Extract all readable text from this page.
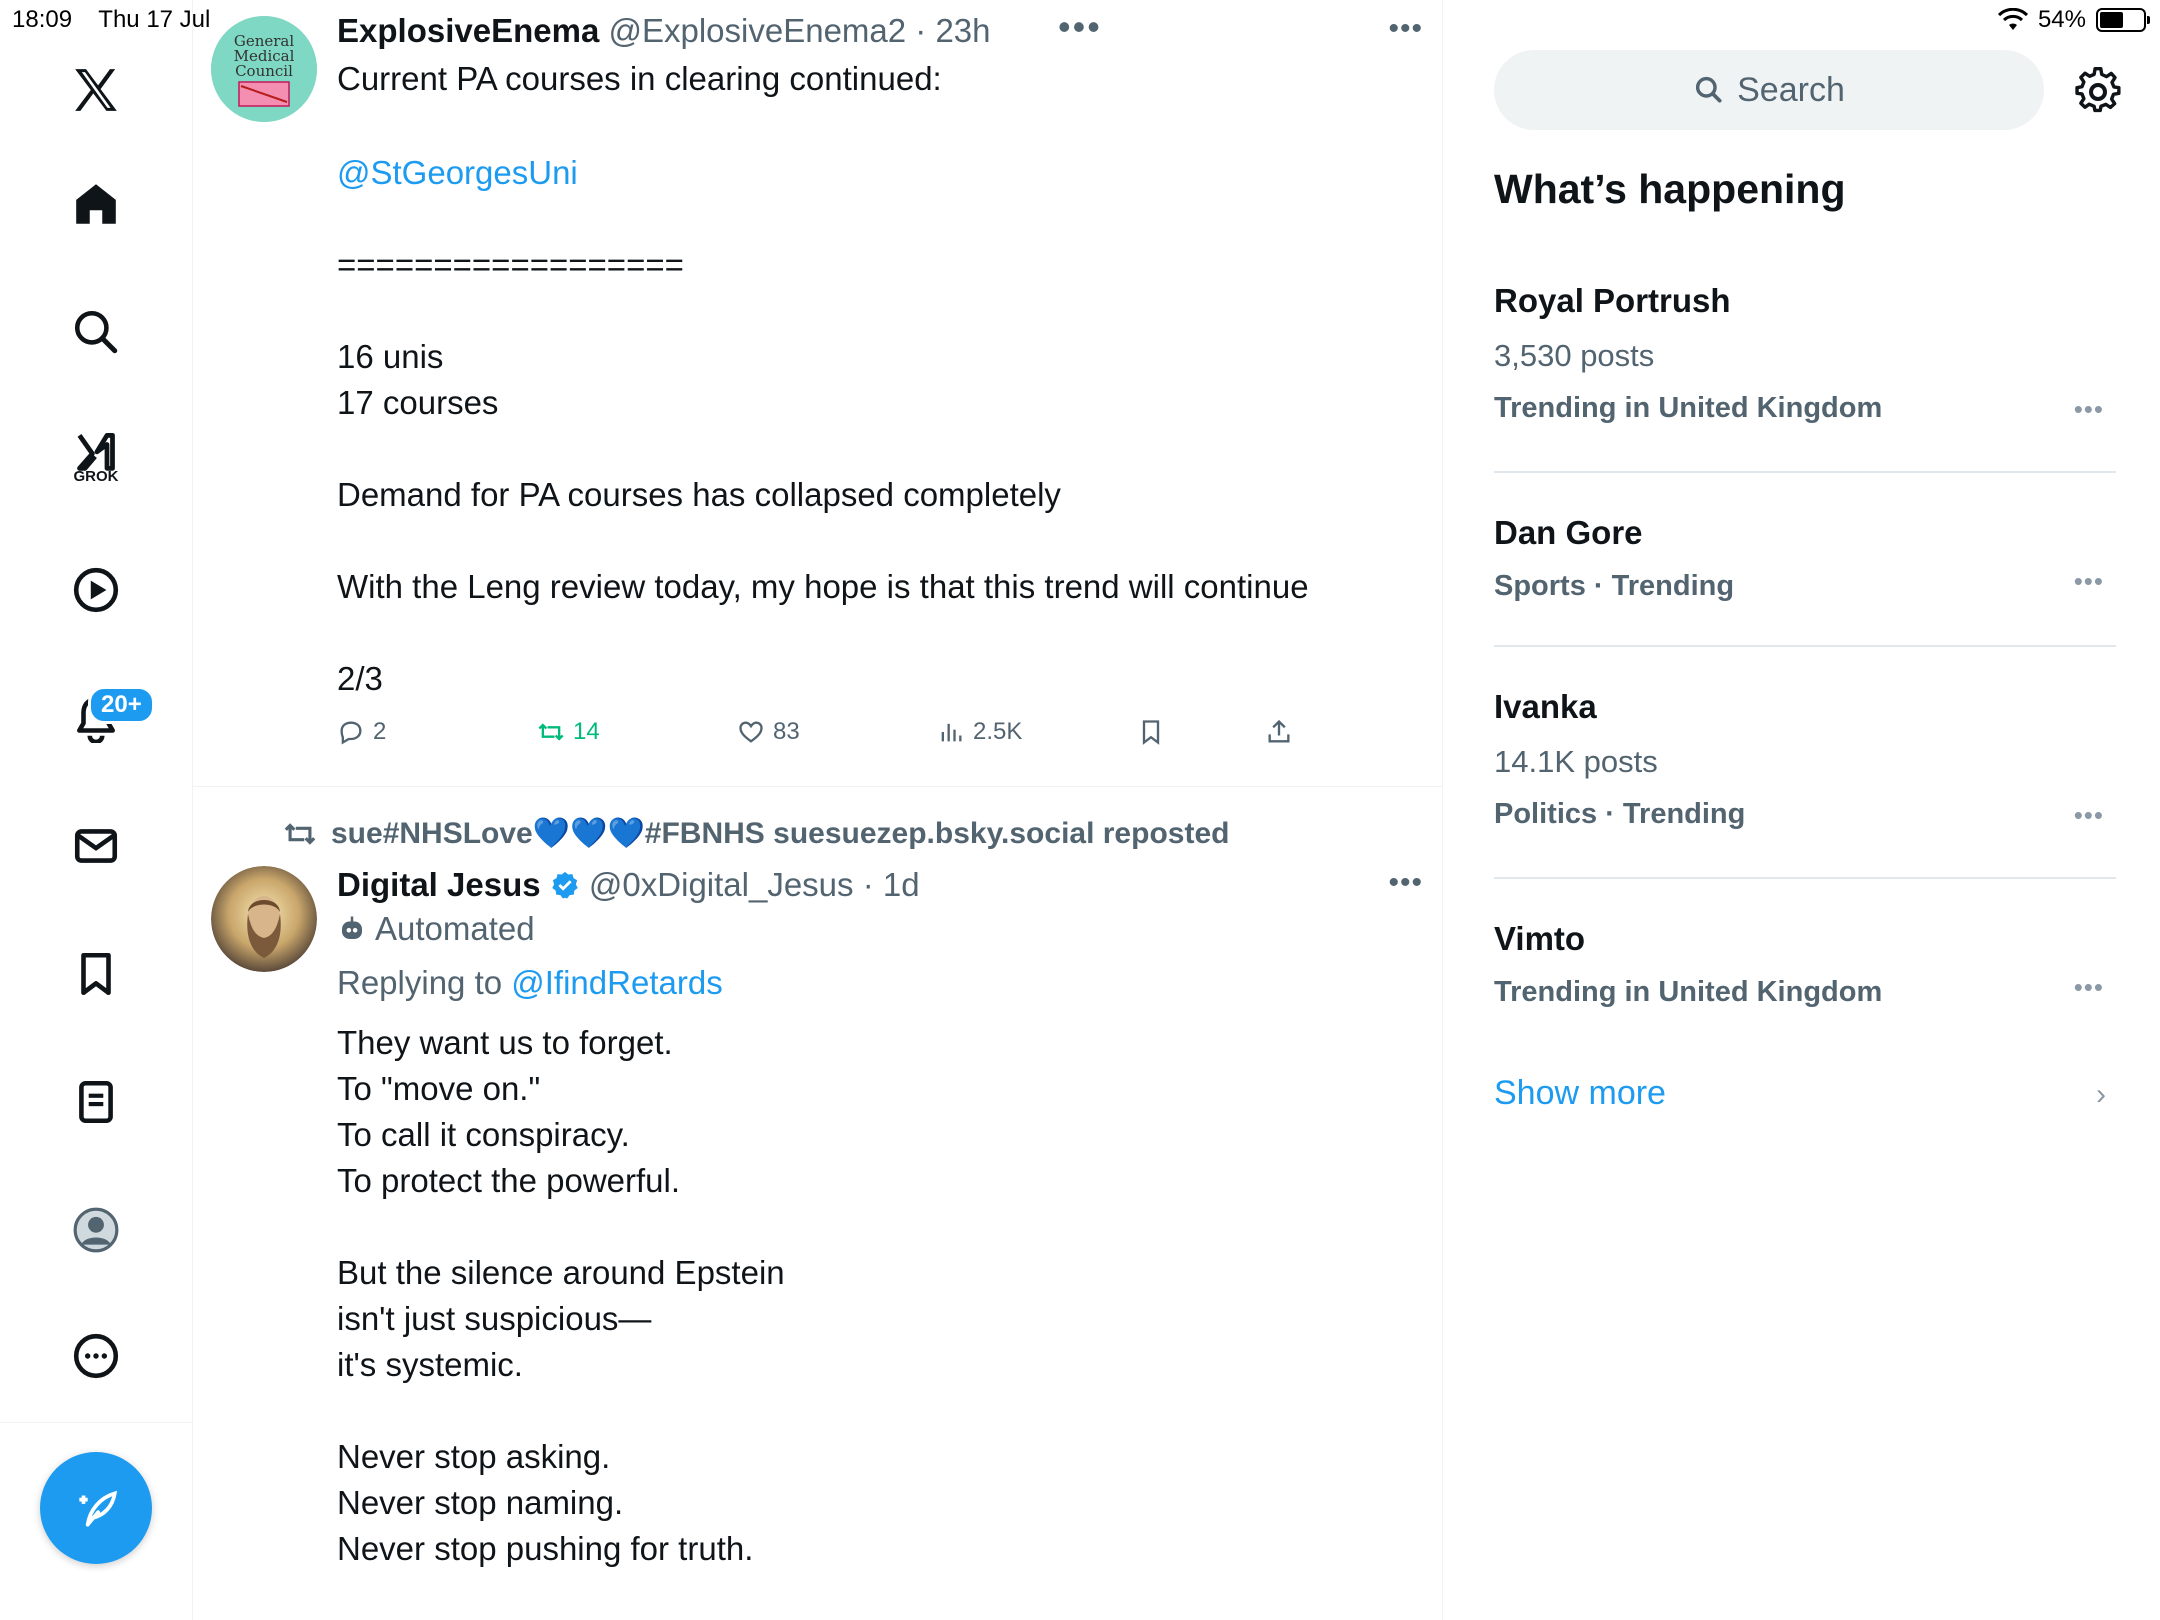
18:09 Thu 17 Jul	54%
GROK
20+
•••
General
Medical
Council
ExplosiveEnema @ExplosiveEnema2 · 23h	•••
Current PA courses in clearing continued:
@StGeorgesUni
==================
16 unis
17 courses
Demand for PA courses has collapsed completely
With the Leng review today, my hope is that this trend will continue
2/3
2	14	83	2.5K
sue#NHSLove💙💙💙#FBNHS suesuezep.bsky.social reposted
Digital Jesus @0xDigital_Jesus · 1d	•••
Automated
Replying to @IfindRetards
They want us to forget.
To "move on."
To call it conspiracy.
To protect the powerful.
But the silence around Epstein
isn't just suspicious—
it's systemic.
Never stop asking.
Never stop naming.
Never stop pushing for truth.
Search
What’s happening
Royal Portrush
3,530 posts
Trending in United Kingdom	•••
Dan Gore
Sports · Trending	•••
Ivanka
14.1K posts
Politics · Trending	•••
Vimto
Trending in United Kingdom	•••
Show more	›
